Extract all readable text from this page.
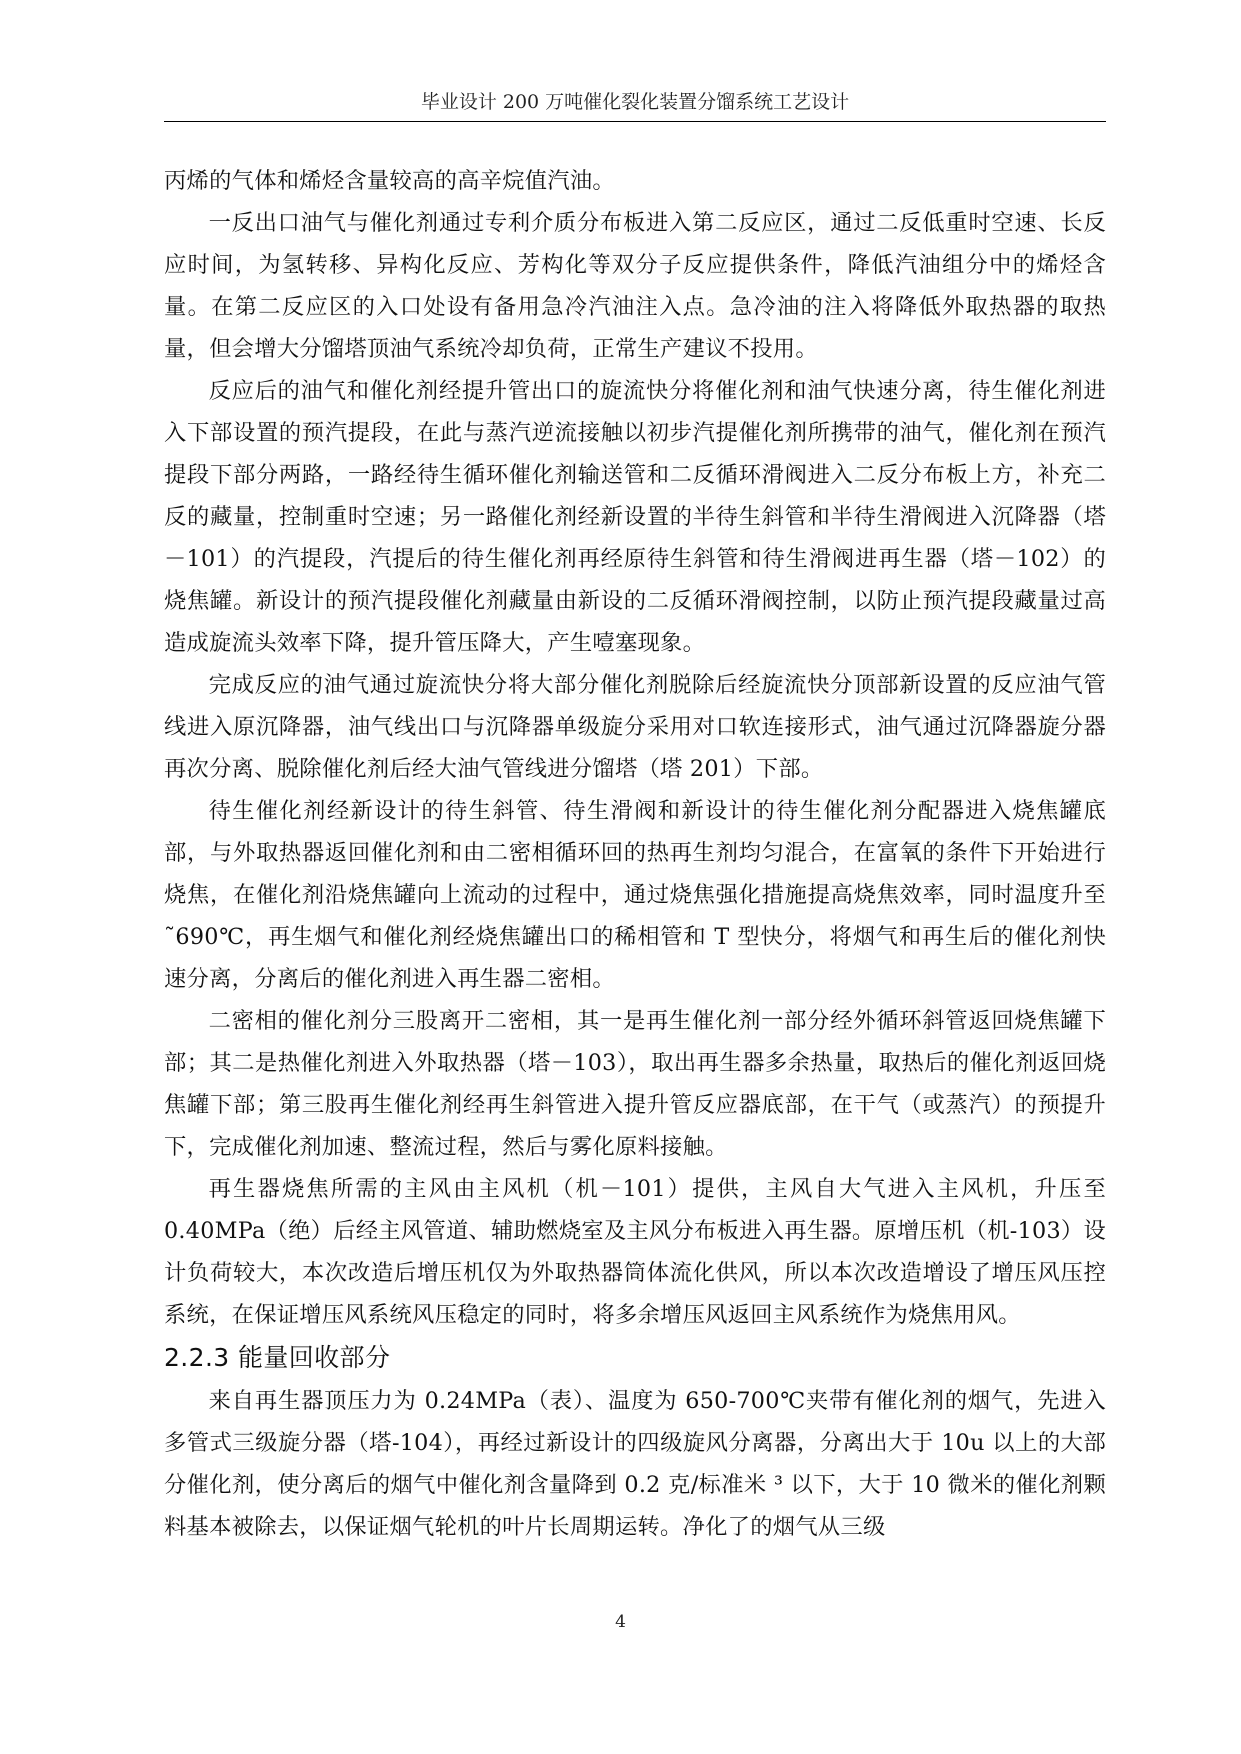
毕业设计 200 万吨催化裂化装置分馏系统工艺设计

丙烯的气体和烯烃含量较高的高辛烷值汽油。

一反出口油气与催化剂通过专利介质分布板进入第二反应区，通过二反低重时空速、长反应时间，为氢转移、异构化反应、芳构化等双分子反应提供条件，降低汽油组分中的烯烃含量。在第二反应区的入口处设有备用急冷汽油注入点。急冷油的注入将降低外取热器的取热量，但会增大分馏塔顶油气系统冷却负荷，正常生产建议不投用。

反应后的油气和催化剂经提升管出口的旋流快分将催化剂和油气快速分离，待生催化剂进入下部设置的预汽提段，在此与蒸汽逆流接触以初步汽提催化剂所携带的油气，催化剂在预汽提段下部分两路，一路经待生循环催化剂输送管和二反循环滑阀进入二反分布板上方，补充二反的藏量，控制重时空速；另一路催化剂经新设置的半待生斜管和半待生滑阀进入沉降器（塔－101）的汽提段，汽提后的待生催化剂再经原待生斜管和待生滑阀进再生器（塔－102）的烧焦罐。新设计的预汽提段催化剂藏量由新设的二反循环滑阀控制，以防止预汽提段藏量过高造成旋流头效率下降，提升管压降大，产生噎塞现象。

完成反应的油气通过旋流快分将大部分催化剂脱除后经旋流快分顶部新设置的反应油气管线进入原沉降器，油气线出口与沉降器单级旋分采用对口软连接形式，油气通过沉降器旋分器再次分离、脱除催化剂后经大油气管线进分馏塔（塔 201）下部。

待生催化剂经新设计的待生斜管、待生滑阀和新设计的待生催化剂分配器进入烧焦罐底部，与外取热器返回催化剂和由二密相循环回的热再生剂均匀混合，在富氧的条件下开始进行烧焦，在催化剂沿烧焦罐向上流动的过程中，通过烧焦强化措施提高烧焦效率，同时温度升至˜690℃，再生烟气和催化剂经烧焦罐出口的稀相管和 T 型快分，将烟气和再生后的催化剂快速分离，分离后的催化剂进入再生器二密相。

二密相的催化剂分三股离开二密相，其一是再生催化剂一部分经外循环斜管返回烧焦罐下部；其二是热催化剂进入外取热器（塔－103），取出再生器多余热量，取热后的催化剂返回烧焦罐下部；第三股再生催化剂经再生斜管进入提升管反应器底部，在干气（或蒸汽）的预提升下，完成催化剂加速、整流过程，然后与雾化原料接触。

再生器烧焦所需的主风由主风机（机－101）提供，主风自大气进入主风机，升压至 0.40MPa（绝）后经主风管道、辅助燃烧室及主风分布板进入再生器。原增压机（机-103）设计负荷较大，本次改造后增压机仅为外取热器筒体流化供风，所以本次改造增设了增压风压控系统，在保证增压风系统风压稳定的同时，将多余增压风返回主风系统作为烧焦用风。

2.2.3 能量回收部分

来自再生器顶压力为 0.24MPa（表）、温度为 650-700℃夹带有催化剂的烟气，先进入多管式三级旋分器（塔-104），再经过新设计的四级旋风分离器，分离出大于 10u 以上的大部分催化剂，使分离后的烟气中催化剂含量降到 0.2 克/标准米 ³ 以下，大于 10 微米的催化剂颗料基本被除去，以保证烟气轮机的叶片长周期运转。净化了的烟气从三级

4
